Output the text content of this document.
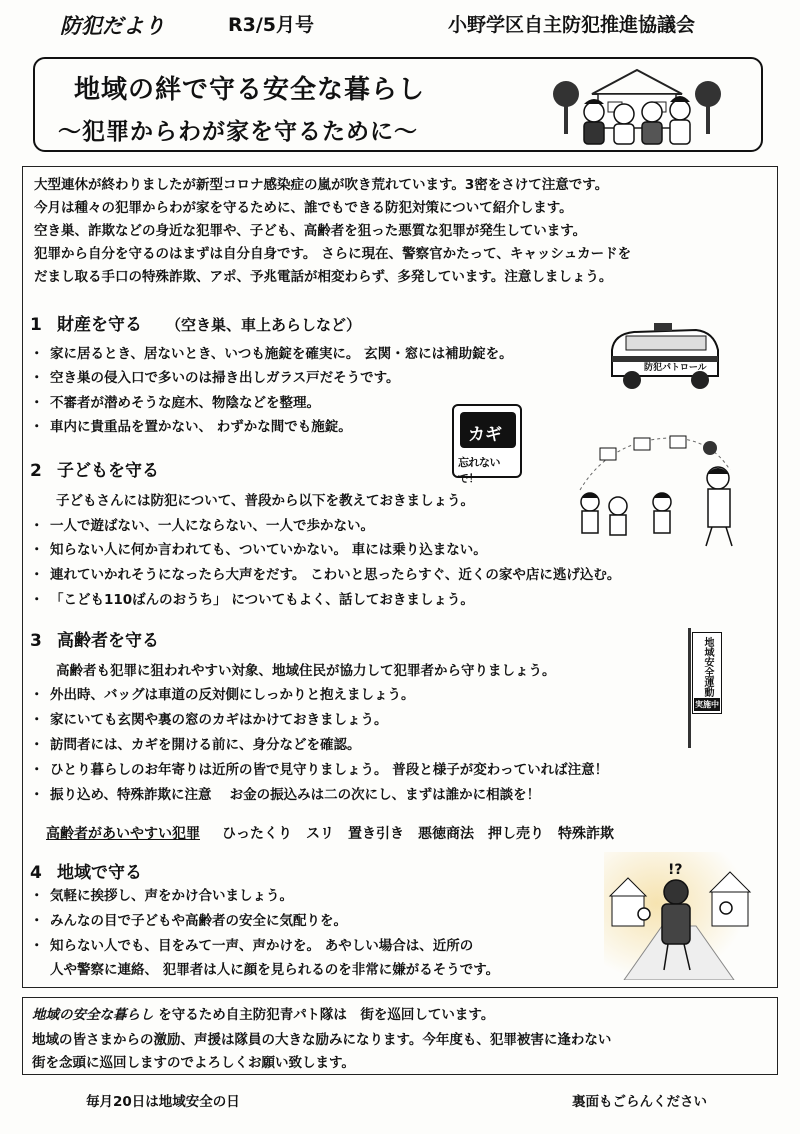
防犯だより	R3/5月号	小野学区自主防犯推進協議会
地域の絆で守る安全な暮らし
〜犯罪からわが家を守るために〜
大型連休が終わりましたが新型コロナ感染症の嵐が吹き荒れています。3密をさけて注意です。
今月は種々の犯罪からわが家を守るために、誰でもできる防犯対策について紹介します。
空き巣、詐欺などの身近な犯罪や、子ども、高齢者を狙った悪質な犯罪が発生しています。
犯罪から自分を守るのはまずは自分自身です。 さらに現在、警察官かたって、キャッシュカードを
だまし取る手口の特殊詐欺、アポ、予兆電話が相変わらず、多発しています。注意しましょう。
1 財産を守る （空き巣、車上あらしなど）
・ 家に居るとき、居ないとき、いつも施錠を確実に。 玄関・窓には補助錠を。
・ 空き巣の侵入口で多いのは掃き出しガラス戸だそうです。
・ 不審者が潜めそうな庭木、物陰などを整理。
・ 車内に貴重品を置かない、 わずかな間でも施錠。
防犯パトロール
カギ
忘れないで！
2 子どもを守る
子どもさんには防犯について、普段から以下を教えておきましょう。
・ 一人で遊ばない、一人にならない、一人で歩かない。
・ 知らない人に何か言われても、ついていかない。 車には乗り込まない。
・ 連れていかれそうになったら大声をだす。 こわいと思ったらすぐ、近くの家や店に逃げ込む。
・ 「こども110ばんのおうち」 についてもよく、話しておきましょう。
3 高齢者を守る
高齢者も犯罪に狙われやすい対象、地域住民が協力して犯罪者から守りましょう。
・ 外出時、バッグは車道の反対側にしっかりと抱えましょう。
・ 家にいても玄関や裏の窓のカギはかけておきましょう。
・ 訪問者には、カギを開ける前に、身分などを確認。
・ ひとり暮らしのお年寄りは近所の皆で見守りましょう。 普段と様子が変わっていれば注意！
・ 振り込め、特殊詐欺に注意　 お金の振込みは二の次にし、まずは誰かに相談を！
地域安全運動
実施中
高齢者があいやすい犯罪 ひったくり スリ 置き引き 悪徳商法 押し売り 特殊詐欺
4 地域で守る
・ 気軽に挨拶し、声をかけ合いましょう。
・ みんなの目で子どもや高齢者の安全に気配りを。
・ 知らない人でも、目をみて一声、声かけを。 あやしい場合は、近所の
人や警察に連絡、 犯罪者は人に顔を見られるのを非常に嫌がるそうです。
!?
地域の安全な暮らし を守るため自主防犯青パト隊は　街を巡回しています。
地域の皆さまからの激励、声援は隊員の大きな励みになります。今年度も、犯罪被害に逢わない
街を念頭に巡回しますのでよろしくお願い致します。
毎月20日は地域安全の日	裏面もごらんください
